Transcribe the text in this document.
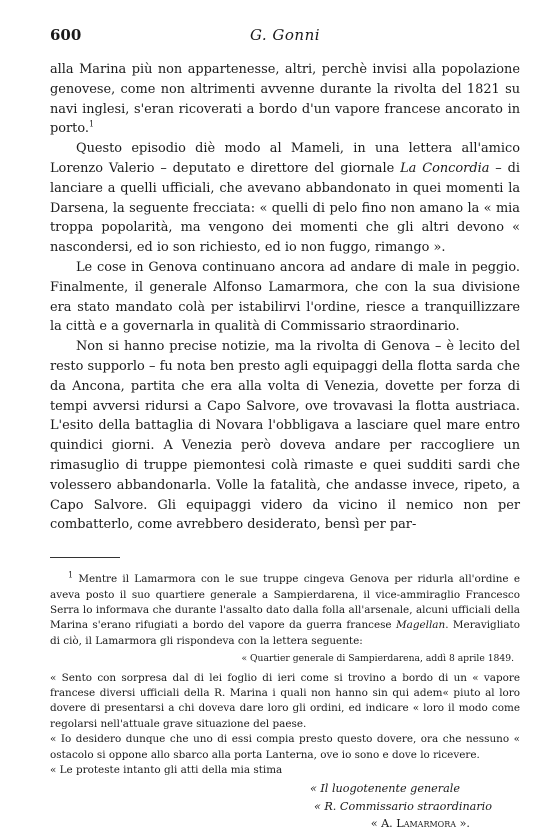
600	G. Gonni

alla Marina più non appartenesse, altri, perchè invisi alla popolazione genovese, come non altrimenti avvenne durante la rivolta del 1821 su navi inglesi, s'eran ricoverati a bordo d'un vapore francese ancorato in porto.$^1$

Questo episodio diè modo al Mameli, in una lettera all'amico Lorenzo Valerio – deputato e direttore del giornale La Concordia – di lanciare a quelli ufficiali, che avevano abbandonato in quei momenti la Darsena, la seguente frecciata: « quelli di pelo fino non amano la « mia troppa popolarità, ma vengono dei momenti che gli altri devono « nascondersi, ed io son richiesto, ed io non fuggo, rimango ».

Le cose in Genova continuano ancora ad andare di male in peggio. Finalmente, il generale Alfonso Lamarmora, che con la sua divisione era stato mandato colà per istabilirvi l'ordine, riesce a tranquillizzare la città e a governarla in qualità di Commissario straordinario.

Non si hanno precise notizie, ma la rivolta di Genova – è lecito del resto supporlo – fu nota ben presto agli equipaggi della flotta sarda che da Ancona, partita che era alla volta di Venezia, dovette per forza di tempi avversi ridursi a Capo Salvore, ove trovavasi la flotta austriaca. L'esito della battaglia di Novara l'obbligava a lasciare quel mare entro quindici giorni. A Venezia però doveva andare per raccogliere un rimasuglio di truppe piemontesi colà rimaste e quei sudditi sardi che volessero abbandonarla. Volle la fatalità, che andasse invece, ripeto, a Capo Salvore. Gli equipaggi videro da vicino il nemico non per combatterlo, come avrebbero desiderato, bensì per par-

$^1$ Mentre il Lamarmora con le sue truppe cingeva Genova per ridurla all'ordine e aveva posto il suo quartiere generale a Sampierdarena, il vice-ammiraglio Francesco Serra lo informava che durante l'assalto dato dalla folla all'arsenale, alcuni ufficiali della Marina s'erano rifugiati a bordo del vapore da guerra francese Magellan. Meravigliato di ciò, il Lamarmora gli rispondeva con la lettera seguente:

« Quartier generale di Sampierdarena, addì 8 aprile 1849.

« Sento con sorpresa dal di lei foglio di ieri come si trovino a bordo di un « vapore francese diversi ufficiali della R. Marina i quali non hanno sin qui adem« piuto al loro dovere di presentarsi a chi doveva dare loro gli ordini, ed indicare « loro il modo come regolarsi nell'attuale grave situazione del paese.

« Io desidero dunque che uno di essi compia presto questo dovere, ora che nessuno « ostacolo si oppone allo sbarco alla porta Lanterna, ove io sono e dove lo ricevere.

« Le proteste intanto gli atti della mia stima

« Il luogotenente generale
« R. Commissario straordinario
« A. Lamarmora ».
